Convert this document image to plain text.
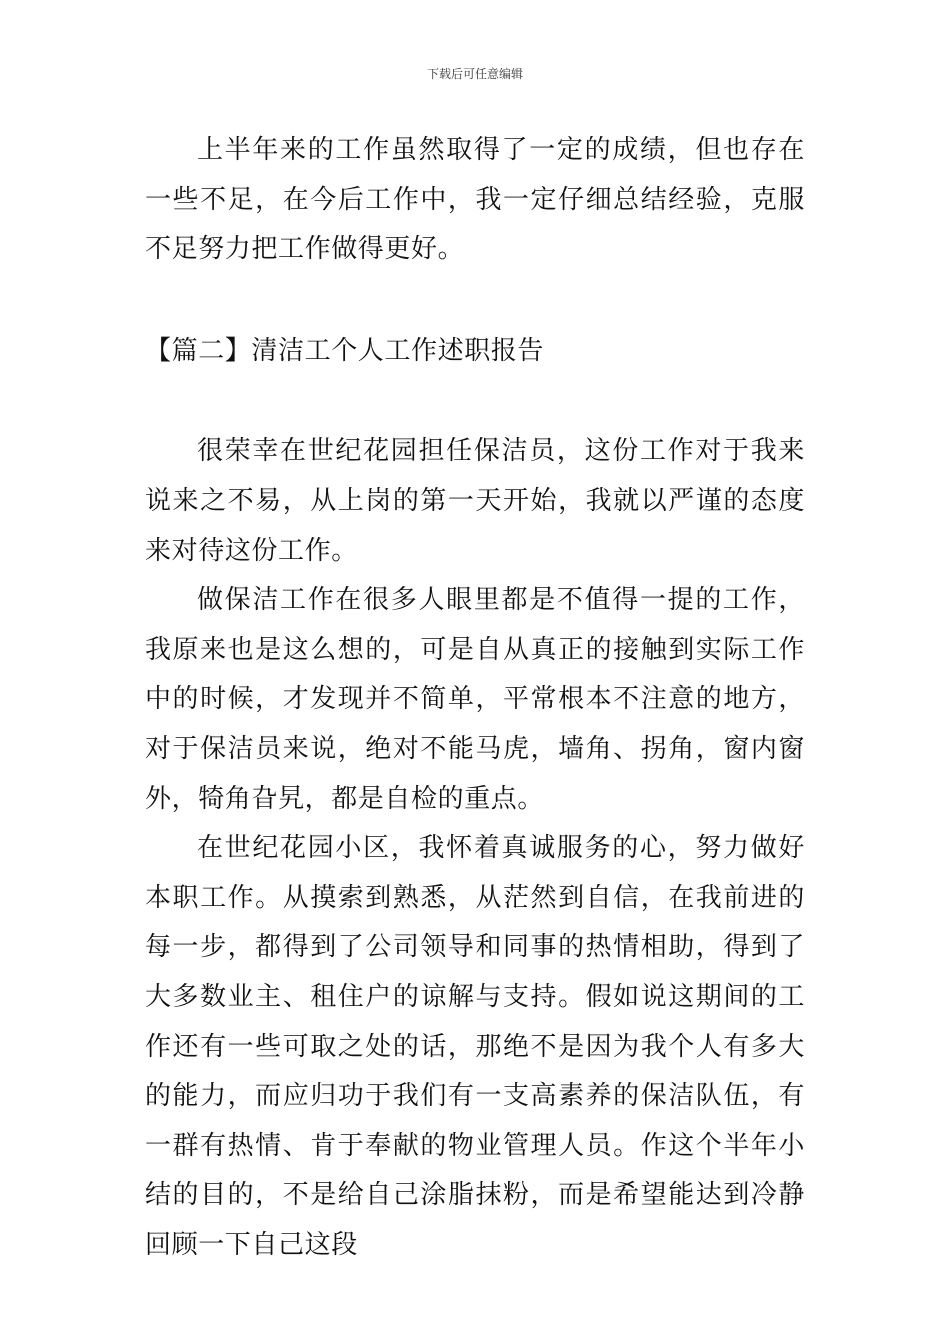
下载后可任意编辑

上半年来的工作虽然取得了一定的成绩，但也存在一些不足，在今后工作中，我一定仔细总结经验，克服不足努力把工作做得更好。

【篇二】清洁工个人工作述职报告

很荣幸在世纪花园担任保洁员，这份工作对于我来说来之不易，从上岗的第一天开始，我就以严谨的态度来对待这份工作。

做保洁工作在很多人眼里都是不值得一提的工作，我原来也是这么想的，可是自从真正的接触到实际工作中的时候，才发现并不简单，平常根本不注意的地方，对于保洁员来说，绝对不能马虎，墙角、拐角，窗内窗外，犄角旮旯，都是自检的重点。

在世纪花园小区，我怀着真诚服务的心，努力做好本职工作。从摸索到熟悉，从茫然到自信，在我前进的每一步，都得到了公司领导和同事的热情相助，得到了大多数业主、租住户的谅解与支持。假如说这期间的工作还有一些可取之处的话，那绝不是因为我个人有多大的能力，而应归功于我们有一支高素养的保洁队伍，有一群有热情、肯于奉献的物业管理人员。作这个半年小结的目的，不是给自己涂脂抹粉，而是希望能达到冷静回顾一下自己这段
